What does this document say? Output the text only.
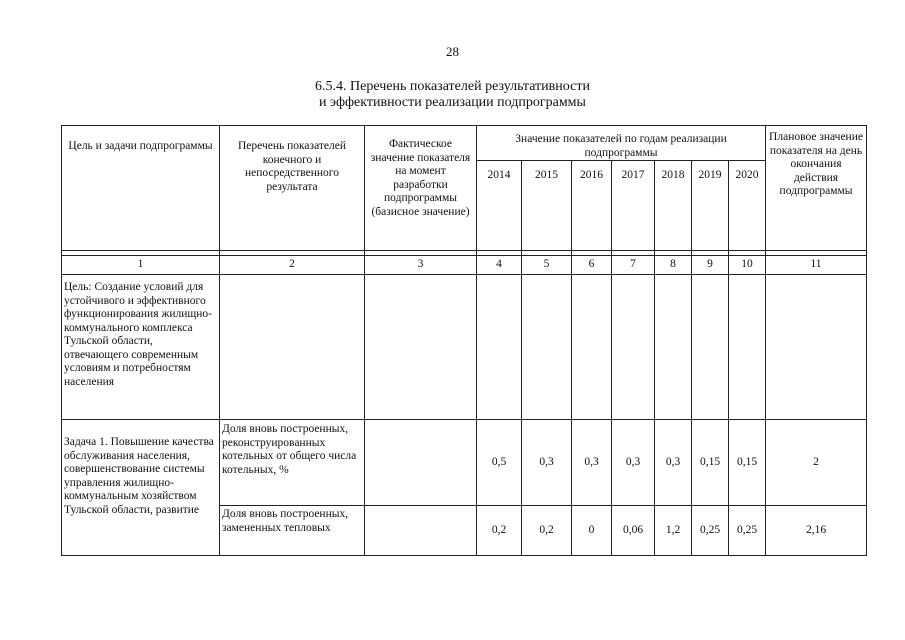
28
6.5.4. Перечень показателей результативности
и эффективности реализации подпрограммы
Цель и задачи подпрограммы	Перечень показателей конечного и непосредственного результата	Фактическое значение показателя на момент разработки подпрограммы (базисное значение)	Значение показателей по годам реализации подпрограммы							Плановое значение показателя на день окончания действия подпрограммы
			2014	2015	2016	2017	2018	2019	2020	

1	2	3	4	5	6	7	8	9	10	11
Цель: Создание условий для устойчивого и эффективного функционирования жилищно-коммунального комплекса Тульской области, отвечающего современным условиям и потребностям населения										
Задача 1. Повышение качества обслуживания населения, совершенствование системы управления жилищно-коммунальным хозяйством Тульской области, развитие	Доля вновь построенных, реконструированных котельных от общего числа котельных, %		0,5	0,3	0,3	0,3	0,3	0,15	0,15	2
	Доля вновь построенных, замененных тепловых		0,2	0,2	0	0,06	1,2	0,25	0,25	2,16
